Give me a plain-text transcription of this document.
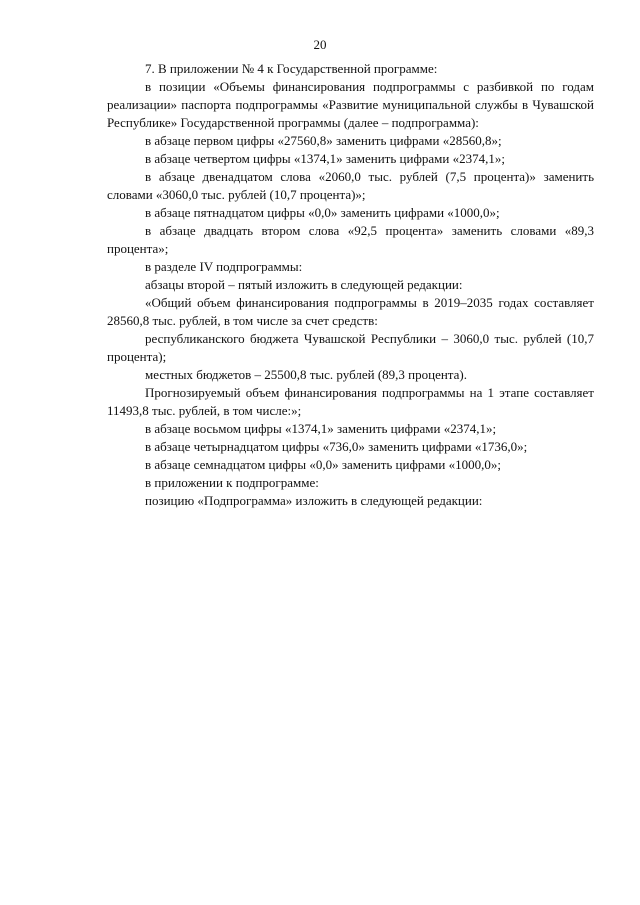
20

7. В приложении № 4 к Государственной программе:

в позиции «Объемы финансирования подпрограммы с разбивкой по годам реализации» паспорта подпрограммы «Развитие муниципальной службы в Чувашской Республике» Государственной программы (далее – подпрограмма):

в абзаце первом цифры «27560,8» заменить цифрами «28560,8»;

в абзаце четвертом цифры «1374,1» заменить цифрами «2374,1»;

в абзаце двенадцатом слова «2060,0 тыс. рублей (7,5 процента)» заменить словами «3060,0 тыс. рублей (10,7 процента)»;

в абзаце пятнадцатом цифры «0,0» заменить цифрами «1000,0»;

в абзаце двадцать втором слова «92,5 процента» заменить словами «89,3 процента»;

в разделе IV подпрограммы:

абзацы второй – пятый изложить в следующей редакции:

«Общий объем финансирования подпрограммы в 2019–2035 годах составляет 28560,8 тыс. рублей, в том числе за счет средств:

республиканского бюджета Чувашской Республики – 3060,0 тыс. рублей (10,7 процента);

местных бюджетов – 25500,8 тыс. рублей (89,3 процента).

Прогнозируемый объем финансирования подпрограммы на 1 этапе составляет 11493,8 тыс. рублей, в том числе:»;

в абзаце восьмом цифры «1374,1» заменить цифрами «2374,1»;

в абзаце четырнадцатом цифры «736,0» заменить цифрами «1736,0»;

в абзаце семнадцатом цифры «0,0» заменить цифрами «1000,0»;

в приложении к подпрограмме:

позицию «Подпрограмма» изложить в следующей редакции:
